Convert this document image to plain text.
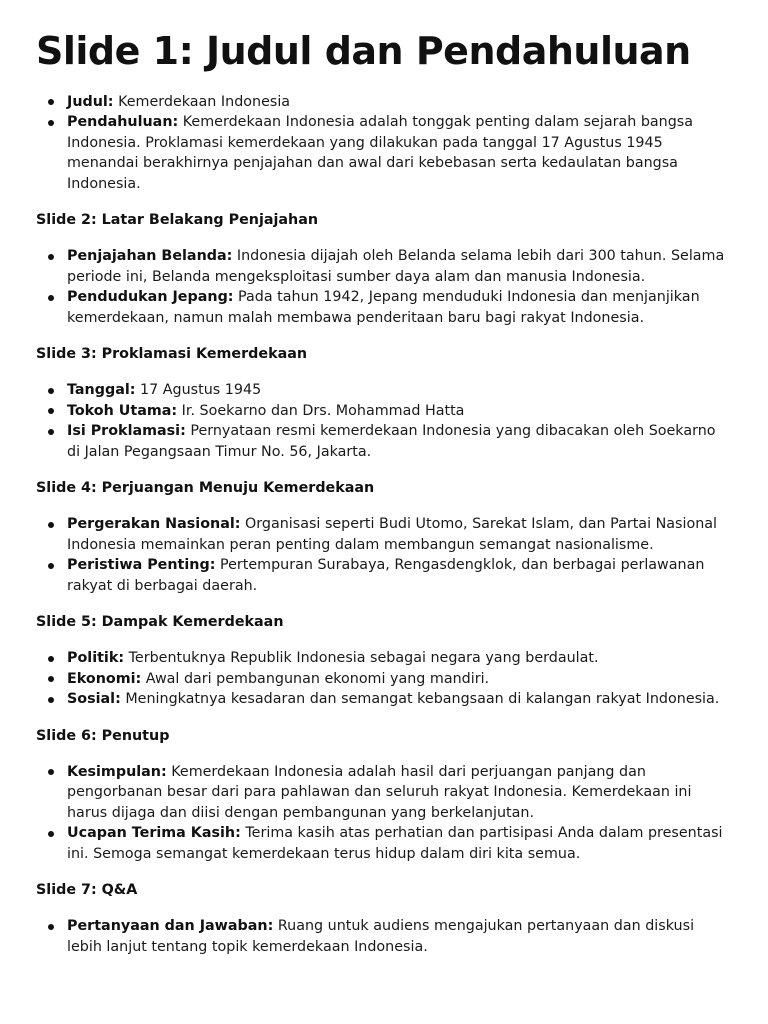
Slide 1: Judul dan Pendahuluan
Judul: Kemerdekaan Indonesia
Pendahuluan: Kemerdekaan Indonesia adalah tonggak penting dalam sejarah bangsa Indonesia. Proklamasi kemerdekaan yang dilakukan pada tanggal 17 Agustus 1945 menandai berakhirnya penjajahan dan awal dari kebebasan serta kedaulatan bangsa Indonesia.
Slide 2: Latar Belakang Penjajahan
Penjajahan Belanda: Indonesia dijajah oleh Belanda selama lebih dari 300 tahun. Selama periode ini, Belanda mengeksploitasi sumber daya alam dan manusia Indonesia.
Pendudukan Jepang: Pada tahun 1942, Jepang menduduki Indonesia dan menjanjikan kemerdekaan, namun malah membawa penderitaan baru bagi rakyat Indonesia.
Slide 3: Proklamasi Kemerdekaan
Tanggal: 17 Agustus 1945
Tokoh Utama: Ir. Soekarno dan Drs. Mohammad Hatta
Isi Proklamasi: Pernyataan resmi kemerdekaan Indonesia yang dibacakan oleh Soekarno di Jalan Pegangsaan Timur No. 56, Jakarta.
Slide 4: Perjuangan Menuju Kemerdekaan
Pergerakan Nasional: Organisasi seperti Budi Utomo, Sarekat Islam, dan Partai Nasional Indonesia memainkan peran penting dalam membangun semangat nasionalisme.
Peristiwa Penting: Pertempuran Surabaya, Rengasdengklok, dan berbagai perlawanan rakyat di berbagai daerah.
Slide 5: Dampak Kemerdekaan
Politik: Terbentuknya Republik Indonesia sebagai negara yang berdaulat.
Ekonomi: Awal dari pembangunan ekonomi yang mandiri.
Sosial: Meningkatnya kesadaran dan semangat kebangsaan di kalangan rakyat Indonesia.
Slide 6: Penutup
Kesimpulan: Kemerdekaan Indonesia adalah hasil dari perjuangan panjang dan pengorbanan besar dari para pahlawan dan seluruh rakyat Indonesia. Kemerdekaan ini harus dijaga dan diisi dengan pembangunan yang berkelanjutan.
Ucapan Terima Kasih: Terima kasih atas perhatian dan partisipasi Anda dalam presentasi ini. Semoga semangat kemerdekaan terus hidup dalam diri kita semua.
Slide 7: Q&A
Pertanyaan dan Jawaban: Ruang untuk audiens mengajukan pertanyaan dan diskusi lebih lanjut tentang topik kemerdekaan Indonesia.
